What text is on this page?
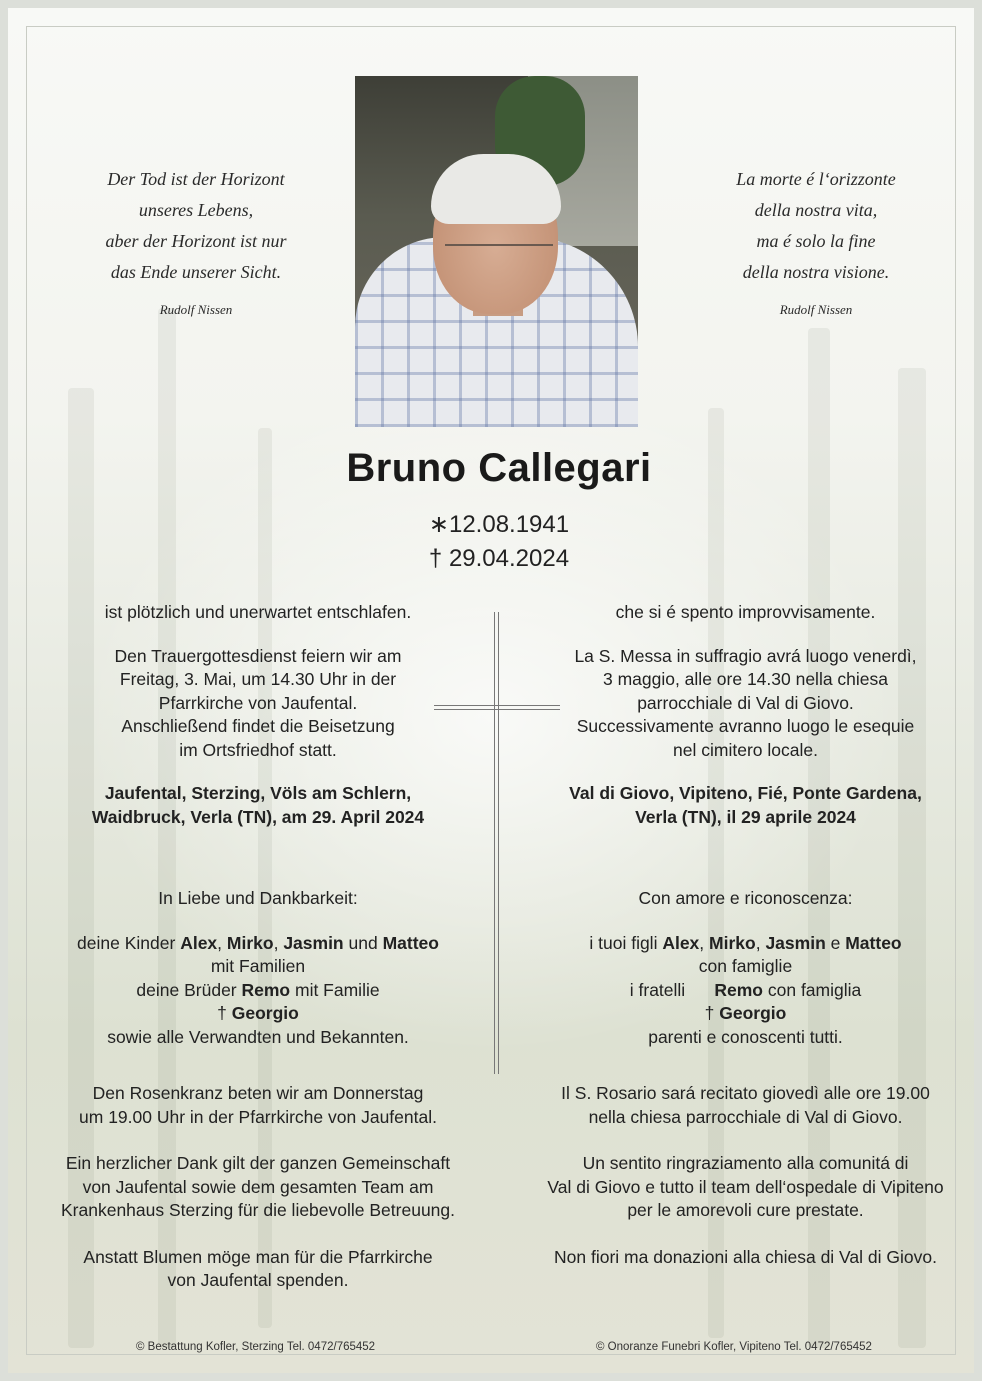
Der Tod ist der Horizont
unseres Lebens,
aber der Horizont ist nur
das Ende unserer Sicht.
Rudolf Nissen
La morte é l‘orizzonte
della nostra vita,
ma é solo la fine
della nostra visione.
Rudolf Nissen
Bruno Callegari
∗12.08.1941
† 29.04.2024

ist plötzlich und unerwartet entschlafen.

Den Trauergottesdienst feiern wir am

Freitag, 3. Mai, um 14.30 Uhr in der

Pfarrkirche von Jaufental.

Anschließend findet die Beisetzung

im Ortsfriedhof statt.

Jaufental, Sterzing, Völs am Schlern,

Waidbruck, Verla (TN), am 29. April 2024

In Liebe und Dankbarkeit:

deine Kinder Alex, Mirko, Jasmin und Matteo

mit Familien

deine Brüder Remo mit Familie

† Georgio

sowie alle Verwandten und Bekannten.

Den Rosenkranz beten wir am Donnerstag

um 19.00 Uhr in der Pfarrkirche von Jaufental.

Ein herzlicher Dank gilt der ganzen Gemeinschaft

von Jaufental sowie dem gesamten Team am

Krankenhaus Sterzing für die liebevolle Betreuung.

Anstatt Blumen möge man für die Pfarrkirche

von Jaufental spenden.

che si é spento improvvisamente.

La S. Messa in suffragio avrá luogo venerdì,

3 maggio, alle ore 14.30 nella chiesa

parrocchiale di Val di Giovo.

Successivamente avranno luogo le esequie

nel cimitero locale.

Val di Giovo, Vipiteno, Fié, Ponte Gardena,

Verla (TN), il 29 aprile 2024

Con amore e riconoscenza:

i tuoi figli Alex, Mirko, Jasmin e Matteo

con famiglie

i fratelli Remo con famiglia

† Georgio

parenti e conoscenti tutti.

Il S. Rosario sará recitato giovedì alle ore 19.00

nella chiesa parrocchiale di Val di Giovo.

Un sentito ringraziamento alla comunitá di

Val di Giovo e tutto il team dell‘ospedale di Vipiteno

per le amorevoli cure prestate.

Non fiori ma donazioni alla chiesa di Val di Giovo.

© Bestattung Kofler, Sterzing Tel. 0472/765452	© Onoranze Funebri Kofler, Vipiteno Tel. 0472/765452
